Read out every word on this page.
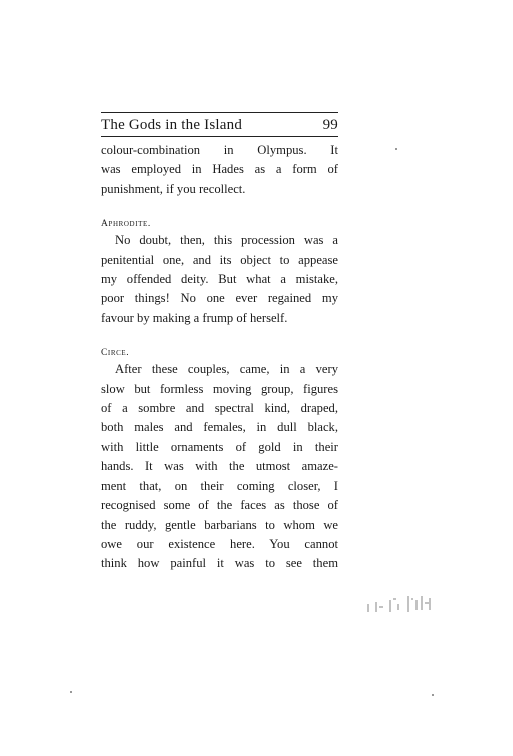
The Gods in the Island	99

colour-combination in Olympus. It
was employed in Hades as a form of
punishment, if you recollect.

Aphrodite.

No doubt, then, this procession was a
penitential one, and its object to appease
my offended deity. But what a mistake,
poor things! No one ever regained my
favour by making a frump of herself.

Circe.

After these couples, came, in a very
slow but formless moving group, figures
of a sombre and spectral kind, draped,
both males and females, in dull black,
with little ornaments of gold in their
hands. It was with the utmost amaze-
ment that, on their coming closer, I
recognised some of the faces as those of
the ruddy, gentle barbarians to whom we
owe our existence here. You cannot
think how painful it was to see them
